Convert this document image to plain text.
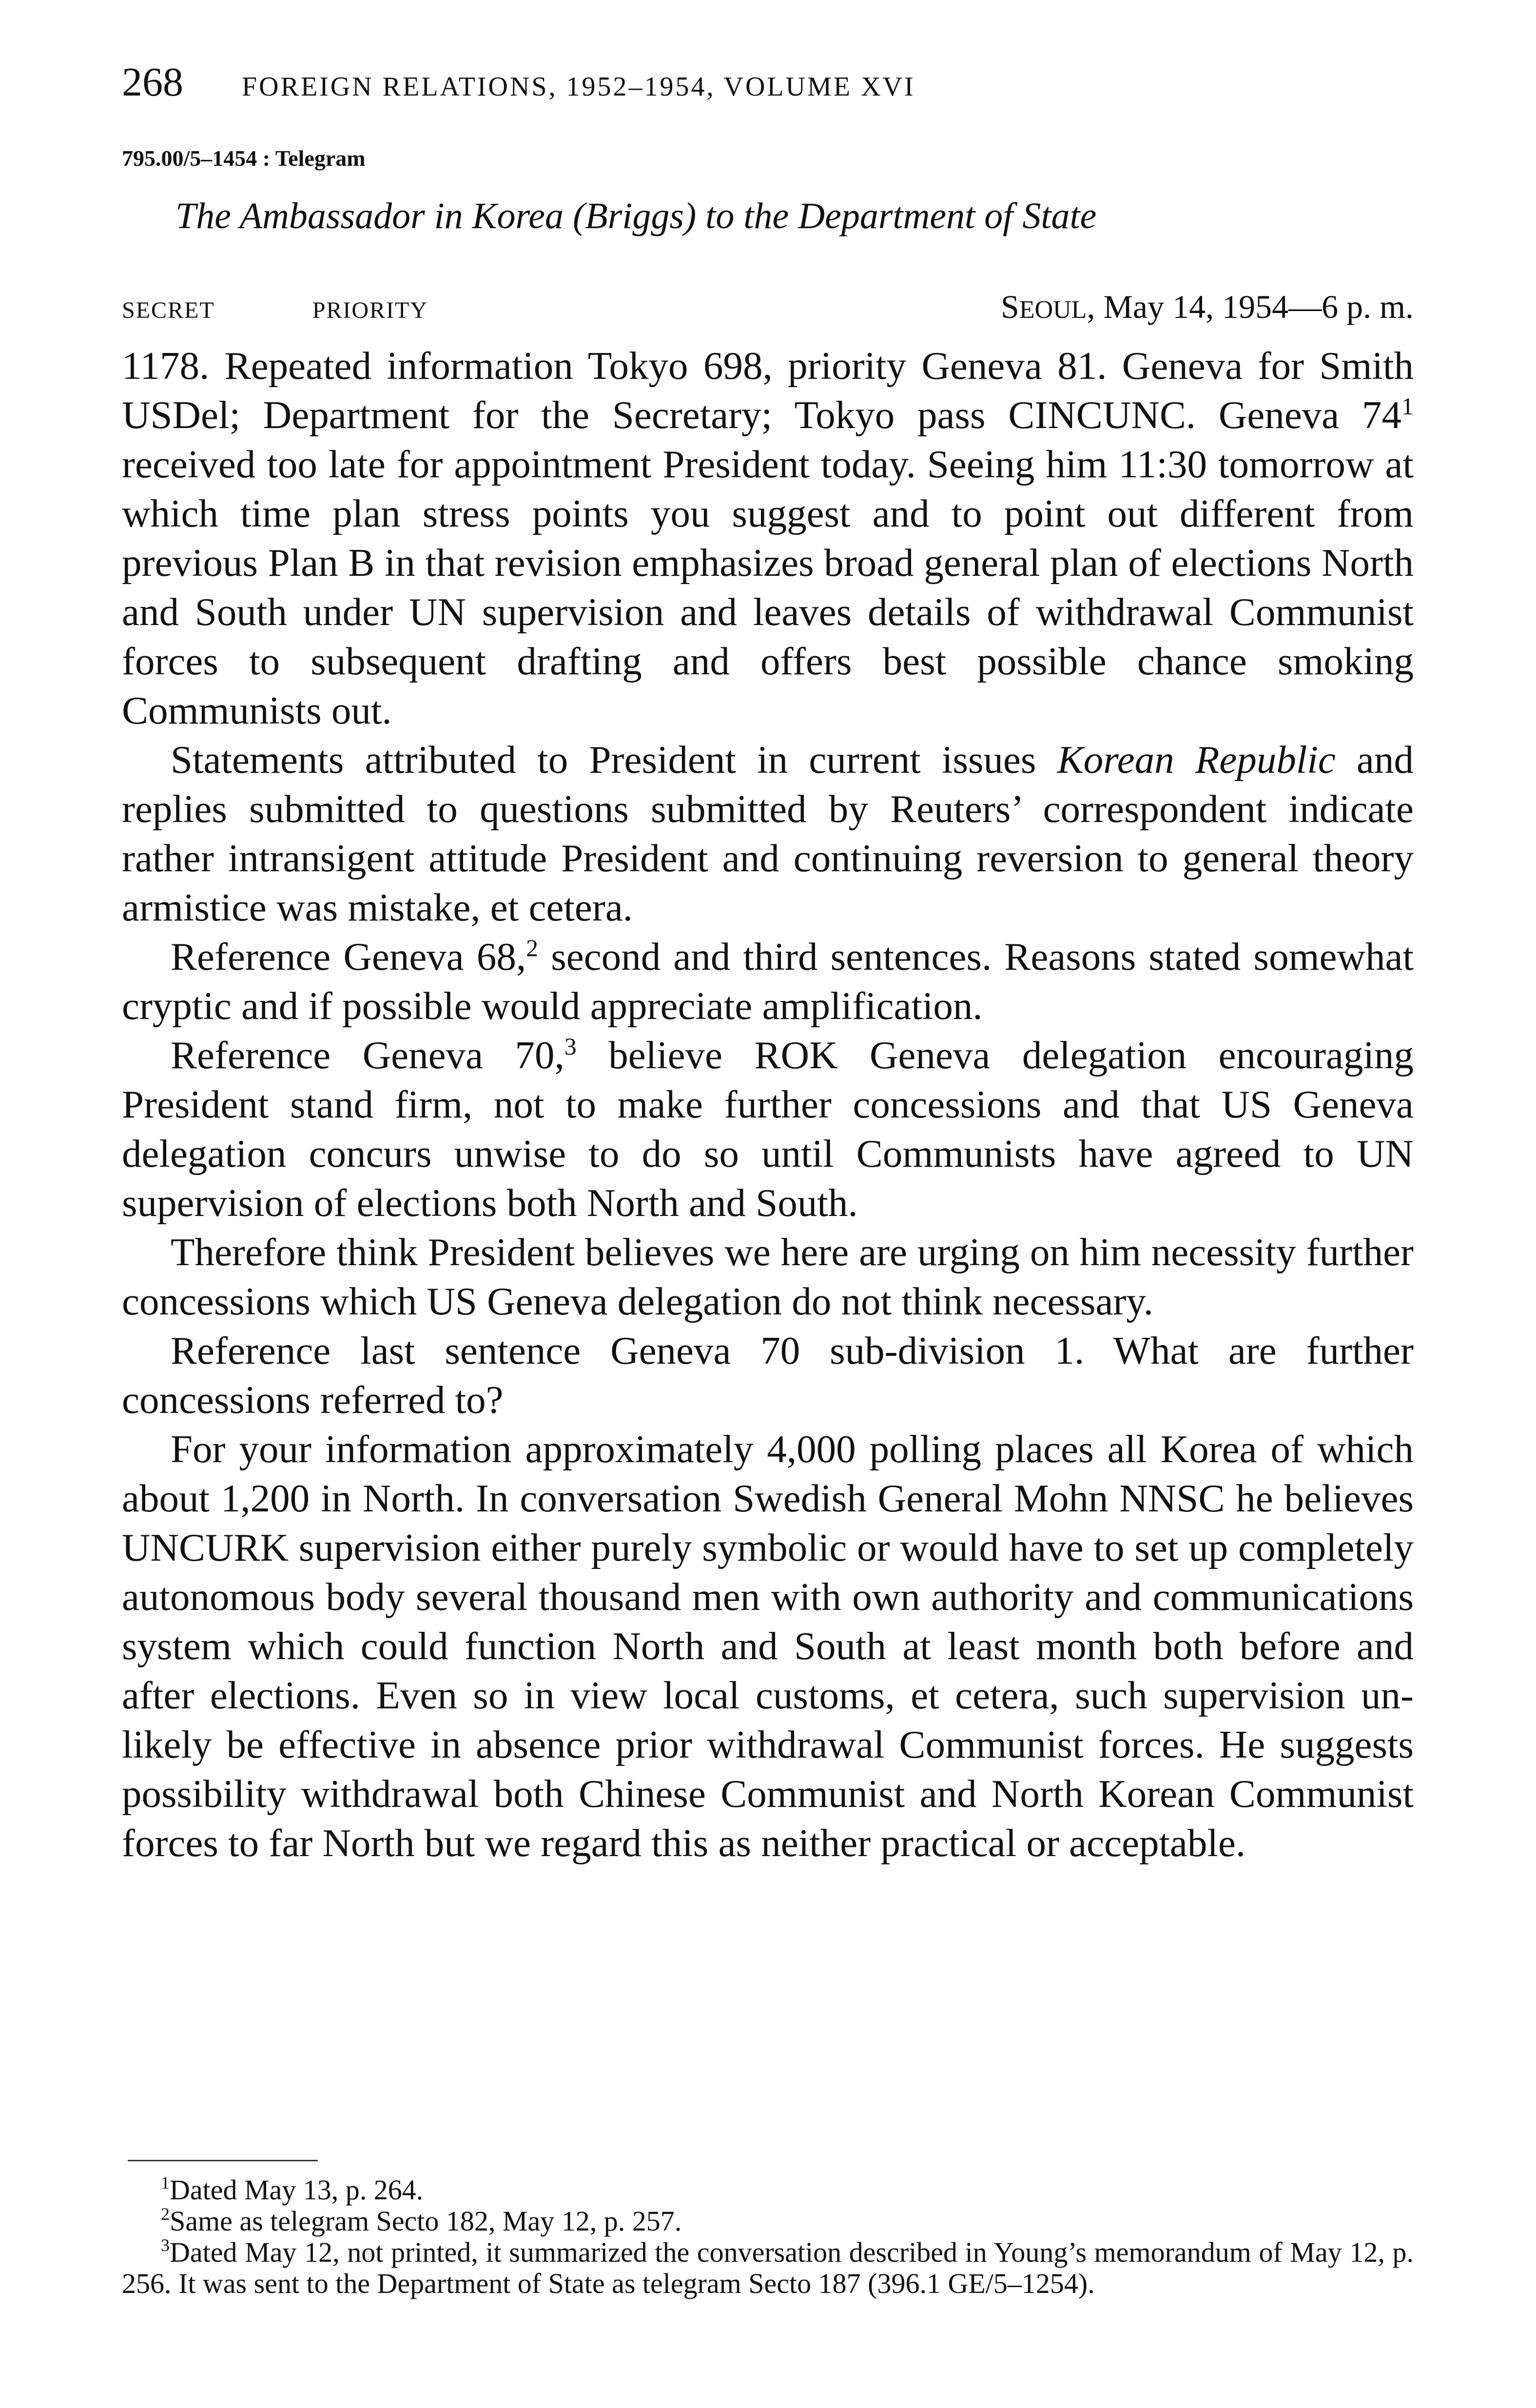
268 FOREIGN RELATIONS, 1952–1954, VOLUME XVI
795.00/5–1454 : Telegram
The Ambassador in Korea (Briggs) to the Department of State
SECRET	PRIORITY	SEOUL, May 14, 1954—6 p. m.

1178. Repeated information Tokyo 698, priority Geneva 81. Geneva for Smith USDel; Department for the Secretary; Tokyo pass CINCUNC. Geneva 74$^1$ received too late for appointment President today. Seeing him 11:30 tomorrow at which time plan stress points you suggest and to point out different from previous Plan B in that revision emphasizes broad general plan of elections North and South under UN supervision and leaves details of withdrawal Communist forces to subsequent drafting and offers best possible chance smoking Communists out.

Statements attributed to President in current issues Korean Republic and replies submitted to questions submitted by Reuters’ correspondent indicate rather intransigent attitude President and continuing reversion to general theory armistice was mistake, et cetera.

Reference Geneva 68,$^2$ second and third sentences. Reasons stated somewhat cryptic and if possible would appreciate amplification.

Reference Geneva 70,$^3$ believe ROK Geneva delegation encouraging President stand firm, not to make further concessions and that US Geneva delegation concurs unwise to do so until Communists have agreed to UN supervision of elections both North and South.

Therefore think President believes we here are urging on him necessity further concessions which US Geneva delegation do not think necessary.

Reference last sentence Geneva 70 sub-division 1. What are further concessions referred to?

For your information approximately 4,000 polling places all Korea of which about 1,200 in North. In conversation Swedish General Mohn NNSC he believes UNCURK supervision either purely symbolic or would have to set up completely autonomous body several thousand men with own authority and communications system which could function North and South at least month both before and after elections. Even so in view local customs, et cetera, such supervision unlikely be effective in absence prior withdrawal Communist forces. He suggests possibility withdrawal both Chinese Communist and North Korean Communist forces to far North but we regard this as neither practical or acceptable.

$^1$Dated May 13, p. 264.

$^2$Same as telegram Secto 182, May 12, p. 257.

$^3$Dated May 12, not printed, it summarized the conversation described in Young’s memorandum of May 12, p. 256. It was sent to the Department of State as telegram Secto 187 (396.1 GE/5–1254).
